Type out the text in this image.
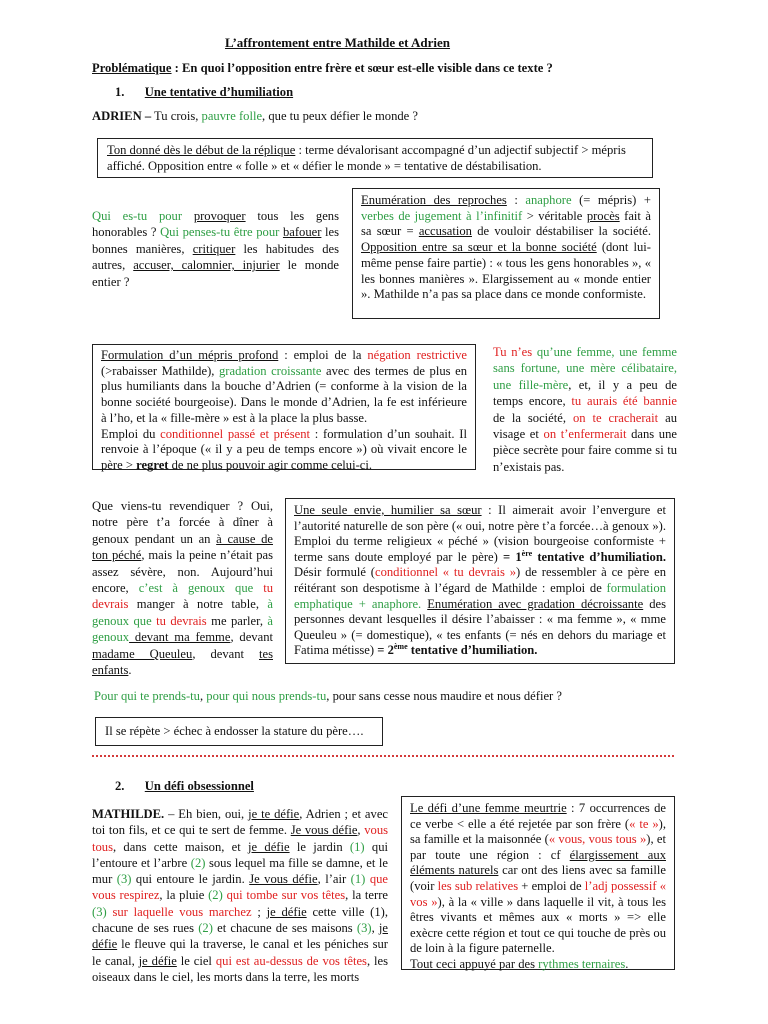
L’affrontement entre Mathilde et Adrien
Problématique : En quoi l’opposition entre frère et sœur est-elle visible dans ce texte ?
1. Une tentative d’humiliation
ADRIEN – Tu crois, pauvre folle, que tu peux défier le monde ?
Ton donné dès le début de la réplique : terme dévalorisant accompagné d’un adjectif subjectif > mépris affiché. Opposition entre « folle » et « défier le monde » = tentative de déstabilisation.
Qui es-tu pour provoquer tous les gens honorables ? Qui penses-tu être pour bafouer les bonnes manières, critiquer les habitudes des autres, accuser, calomnier, injurier le monde entier ?
Enumération des reproches : anaphore (= mépris) + verbes de jugement à l’infinitif > véritable procès fait à sa sœur = accusation de vouloir déstabiliser la société. Opposition entre sa sœur et la bonne société (dont lui-même pense faire partie) : « tous les gens honorables », « les bonnes manières ». Elargissement au « monde entier ». Mathilde n’a pas sa place dans ce monde conformiste.
Formulation d’un mépris profond : emploi de la négation restrictive (>rabaisser Mathilde), gradation croissante avec des termes de plus en plus humiliants dans la bouche d’Adrien (= conforme à la vision de la bonne société bourgeoise). Dans le monde d’Adrien, la fe est inférieure à l’ho, et la « fille-mère » est à la place la plus basse.
Emploi du conditionnel passé et présent : formulation d’un souhait. Il renvoie à l’époque (« il y a peu de temps encore ») où vivait encore le père > regret de ne plus pouvoir agir comme celui-ci.
Tu n’es qu’une femme, une femme sans fortune, une mère célibataire, une fille-mère, et, il y a peu de temps encore, tu aurais été bannie de la société, on te cracherait au visage et on t’enfermerait dans une pièce secrète pour faire comme si tu n’existais pas.
Que viens-tu revendiquer ? Oui, notre père t’a forcée à dîner à genoux pendant un an à cause de ton péché, mais la peine n’était pas assez sévère, non. Aujourd’hui encore, c’est à genoux que tu devrais manger à notre table, à genoux que tu devrais me parler, à genoux devant ma femme, devant madame Queuleu, devant tes enfants.
Une seule envie, humilier sa sœur : Il aimerait avoir l’envergure et l’autorité naturelle de son père (« oui, notre père t’a forcée…à genoux »). Emploi du terme religieux « péché » (vision bourgeoise conformiste + terme sans doute employé par le père) = 1ère tentative d’humiliation. Désir formulé (conditionnel « tu devrais ») de ressembler à ce père en réitérant son despotisme à l’égard de Mathilde : emploi de formulation emphatique + anaphore. Enumération avec gradation décroissante des personnes devant lesquelles il désire l’abaisser : « ma femme », « mme Queuleu » (= domestique), « tes enfants (= nés en dehors du mariage et Fatima métisse) = 2ème tentative d’humiliation.
Pour qui te prends-tu, pour qui nous prends-tu, pour sans cesse nous maudire et nous défier ?
Il se répète > échec à endosser la stature du père….
2. Un défi obsessionnel
MATHILDE. – Eh bien, oui, je te défie, Adrien ; et avec toi ton fils, et ce qui te sert de femme. Je vous défie, vous tous, dans cette maison, et je défie le jardin (1) qui l’entoure et l’arbre (2) sous lequel ma fille se damne, et le mur (3) qui entoure le jardin. Je vous défie, l’air (1) que vous respirez, la pluie (2) qui tombe sur vos têtes, la terre (3) sur laquelle vous marchez ; je défie cette ville (1), chacune de ses rues (2) et chacune de ses maisons (3), je défie le fleuve qui la traverse, le canal et les péniches sur le canal, je défie le ciel qui est au-dessus de vos têtes, les oiseaux dans le ciel, les morts dans la terre, les morts
Le défi d’une femme meurtrie : 7 occurrences de ce verbe < elle a été rejetée par son frère (« te »), sa famille et la maisonnée (« vous, vous tous »), et par toute une région : cf élargissement aux éléments naturels car ont des liens avec sa famille (voir les sub relatives + emploi de l’adj possessif « vos »), à la « ville » dans laquelle il vit, à tous les êtres vivants et mêmes aux « morts » => elle exècre cette région et tout ce qui touche de près ou de loin à la figure paternelle.
Tout ceci appuyé par des rythmes ternaires.
